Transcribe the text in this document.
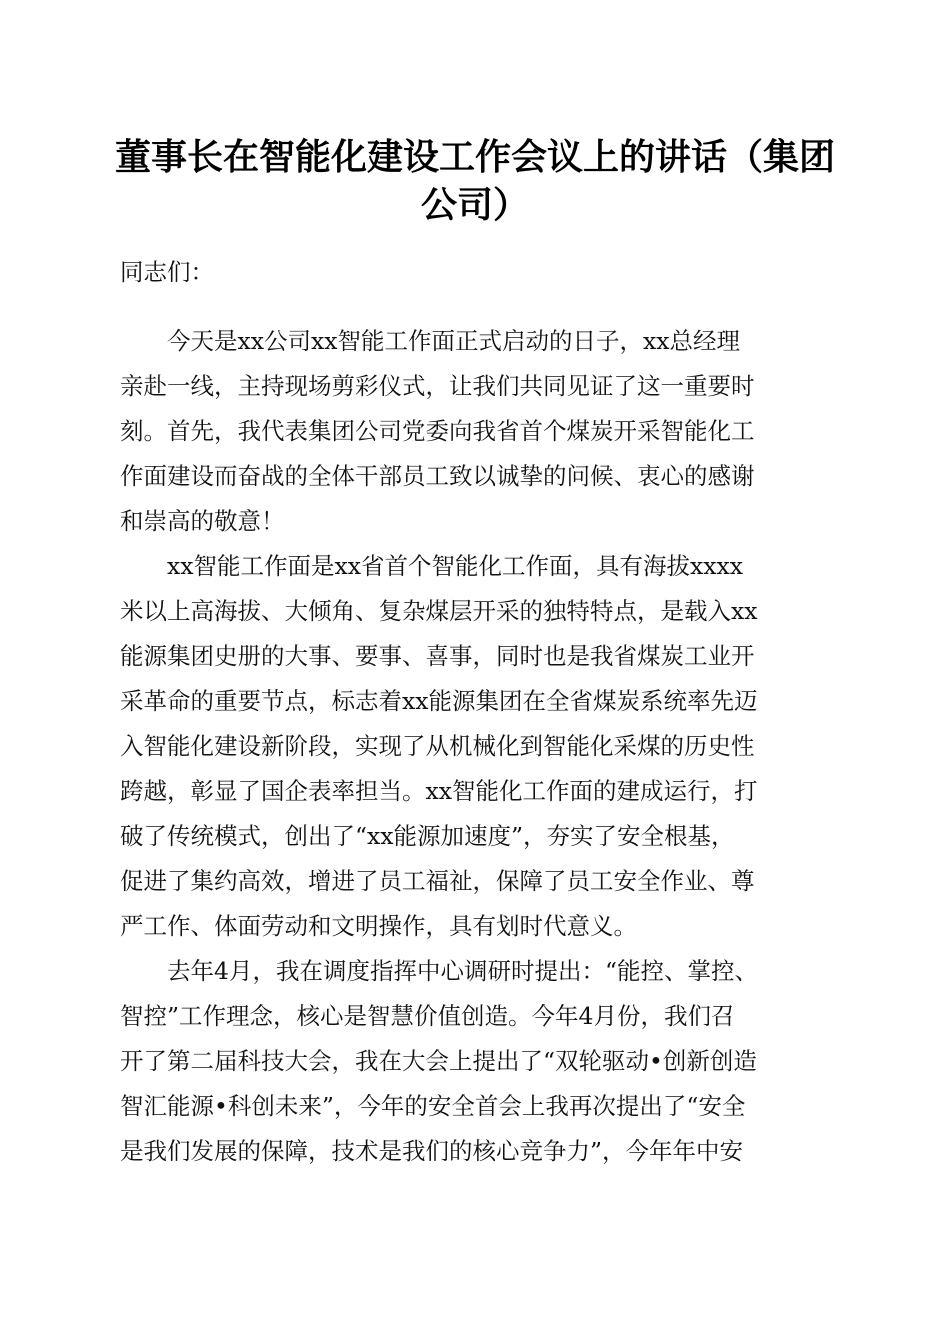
董事长在智能化建设工作会议上的讲话（集团
公司）
同志们：
　　今天是xx公司xx智能工作面正式启动的日子，xx总经理
亲赴一线，主持现场剪彩仪式，让我们共同见证了这一重要时
刻。首先，我代表集团公司党委向我省首个煤炭开采智能化工
作面建设而奋战的全体干部员工致以诚挚的问候、衷心的感谢
和崇高的敬意！
　　xx智能工作面是xx省首个智能化工作面，具有海拔xxxx
米以上高海拔、大倾角、复杂煤层开采的独特特点，是载入xx
能源集团史册的大事、要事、喜事，同时也是我省煤炭工业开
采革命的重要节点，标志着xx能源集团在全省煤炭系统率先迈
入智能化建设新阶段，实现了从机械化到智能化采煤的历史性
跨越，彰显了国企表率担当。xx智能化工作面的建成运行，打
破了传统模式，创出了“xx能源加速度”，夯实了安全根基，
促进了集约高效，增进了员工福祉，保障了员工安全作业、尊
严工作、体面劳动和文明操作，具有划时代意义。
　　去年4月，我在调度指挥中心调研时提出：“能控、掌控、
智控”工作理念，核心是智慧价值创造。今年4月份，我们召
开了第二届科技大会，我在大会上提出了“双轮驱动•创新创造
智汇能源•科创未来”，今年的安全首会上我再次提出了“安全
是我们发展的保障，技术是我们的核心竞争力”，今年年中安
